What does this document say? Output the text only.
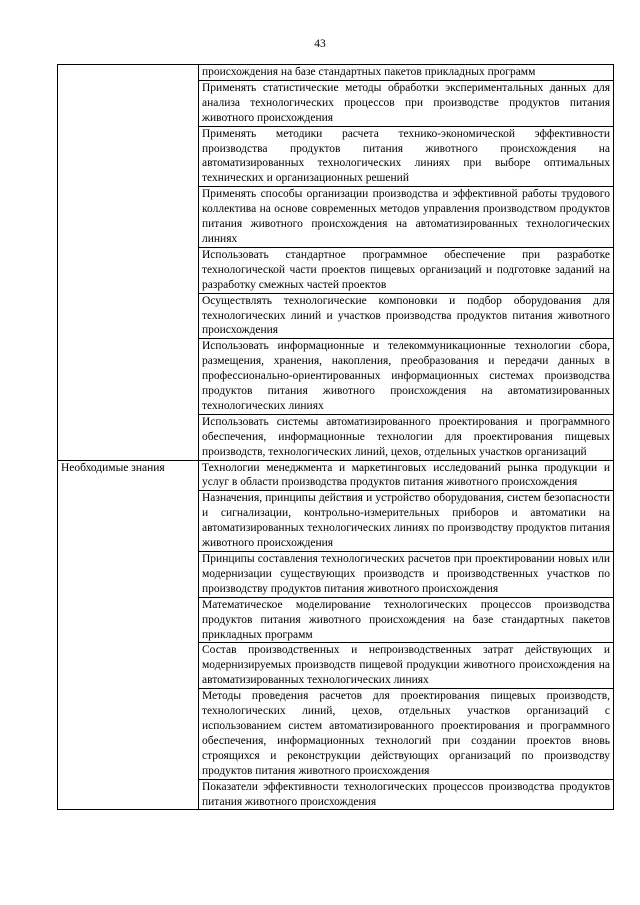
43
	происхождения на базе стандартных пакетов прикладных программ
	Применять статистические методы обработки экспериментальных данных для анализа технологических процессов при производстве продуктов питания животного происхождения
	Применять методики расчета технико-экономической эффективности производства продуктов питания животного происхождения на автоматизированных технологических линиях при выборе оптимальных технических и организационных решений
	Применять способы организации производства и эффективной работы трудового коллектива на основе современных методов управления производством продуктов питания животного происхождения на автоматизированных технологических линиях
	Использовать стандартное программное обеспечение при разработке технологической части проектов пищевых организаций и подготовке заданий на разработку смежных частей проектов
	Осуществлять технологические компоновки и подбор оборудования для технологических линий и участков производства продуктов питания животного происхождения
	Использовать информационные и телекоммуникационные технологии сбора, размещения, хранения, накопления, преобразования и передачи данных в профессионально-ориентированных информационных системах производства продуктов питания животного происхождения на автоматизированных технологических линиях
	Использовать системы автоматизированного проектирования и программного обеспечения, информационные технологии для проектирования пищевых производств, технологических линий, цехов, отдельных участков организаций
Необходимые знания	Технологии менеджмента и маркетинговых исследований рынка продукции и услуг в области производства продуктов питания животного происхождения
	Назначения, принципы действия и устройство оборудования, систем безопасности и сигнализации, контрольно-измерительных приборов и автоматики на автоматизированных технологических линиях по производству продуктов питания животного происхождения
	Принципы составления технологических расчетов при проектировании новых или модернизации существующих производств и производственных участков по производству продуктов питания животного происхождения
	Математическое моделирование технологических процессов производства продуктов питания животного происхождения на базе стандартных пакетов прикладных программ
	Состав производственных и непроизводственных затрат действующих и модернизируемых производств пищевой продукции животного происхождения на автоматизированных технологических линиях
	Методы проведения расчетов для проектирования пищевых производств, технологических линий, цехов, отдельных участков организаций с использованием систем автоматизированного проектирования и программного обеспечения, информационных технологий при создании проектов вновь строящихся и реконструкции действующих организаций по производству продуктов питания животного происхождения
	Показатели эффективности технологических процессов производства продуктов питания животного происхождения
